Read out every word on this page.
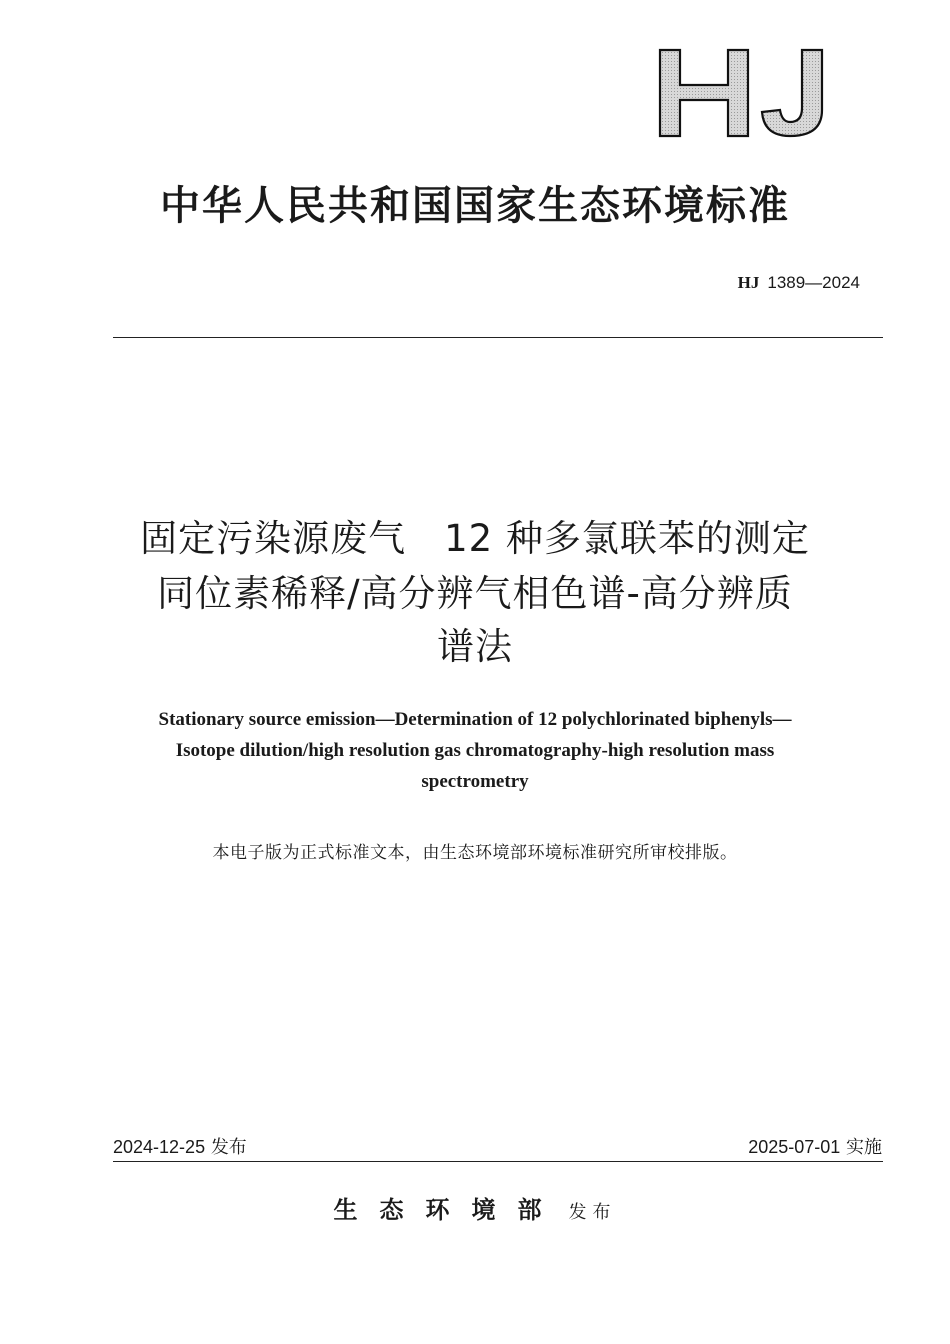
中华人民共和国国家生态环境标准
HJ 1389—2024
固定污染源废气　12 种多氯联苯的测定
同位素稀释/高分辨气相色谱-高分辨质
谱法
Stationary source emission—Determination of 12 polychlorinated biphenyls—
Isotope dilution/high resolution gas chromatography-high resolution mass
spectrometry
本电子版为正式标准文本，由生态环境部环境标准研究所审校排版。
2024-12-25 发布	2025-07-01 实施
生态环境部 发布
